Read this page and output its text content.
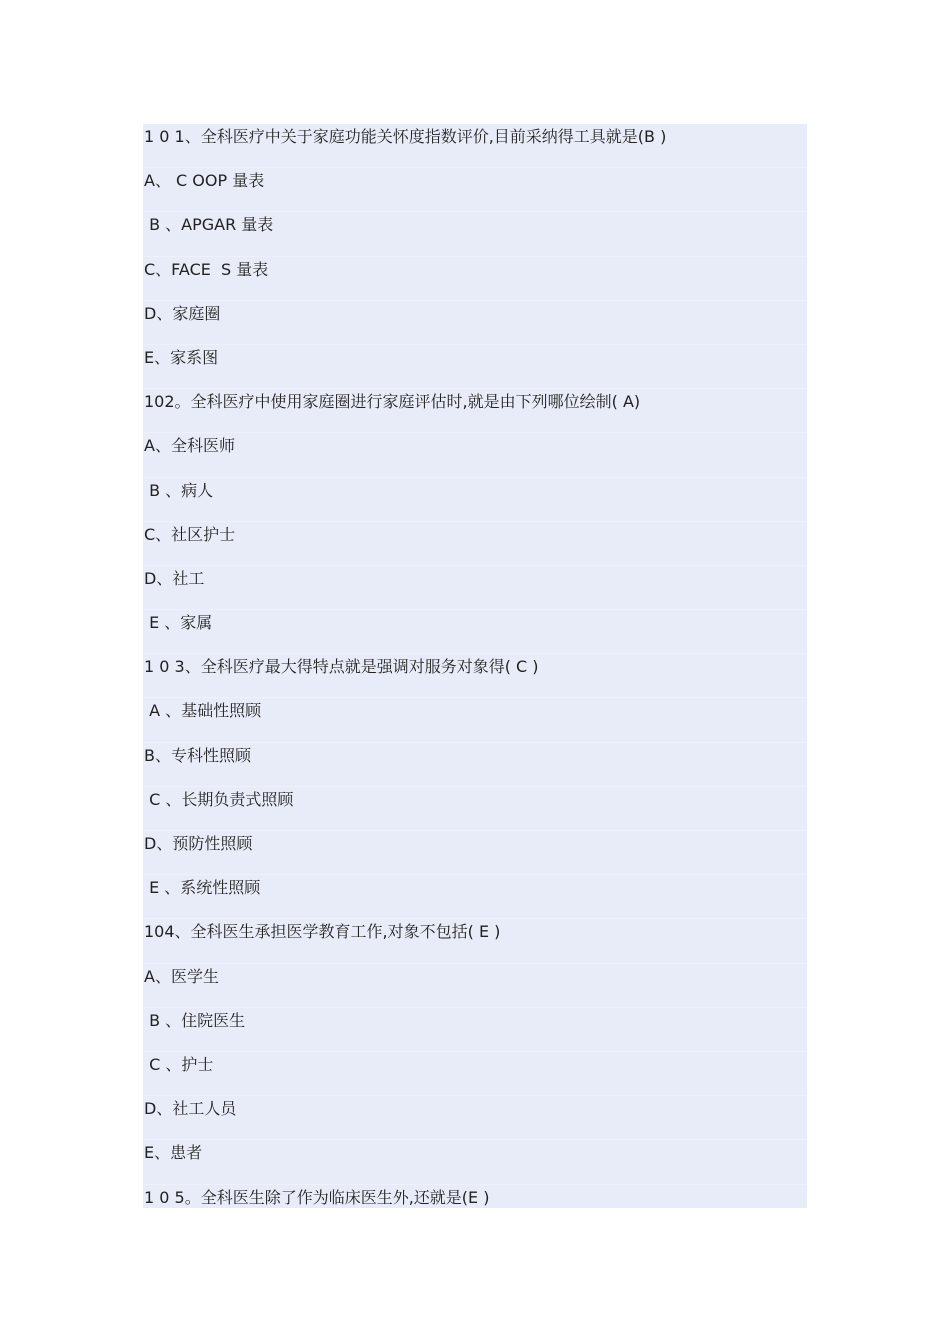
1 0 1、全科医疗中关于家庭功能关怀度指数评价,目前采纳得工具就是(B )
A、 C OOP 量表
B 、APGAR 量表
C、FACE  S 量表
D、家庭圈
E、家系图
102。全科医疗中使用家庭圈进行家庭评估时,就是由下列哪位绘制( A)
A、全科医师
B 、病人
C、社区护士
D、社工
E 、家属
1 0 3、全科医疗最大得特点就是强调对服务对象得( C )
A 、基础性照顾
B、专科性照顾
C 、长期负责式照顾
D、预防性照顾
E 、系统性照顾
104、全科医生承担医学教育工作,对象不包括( E )
A、医学生
B 、住院医生
C 、护士
D、社工人员
E、患者
1 0 5。全科医生除了作为临床医生外,还就是(E )
